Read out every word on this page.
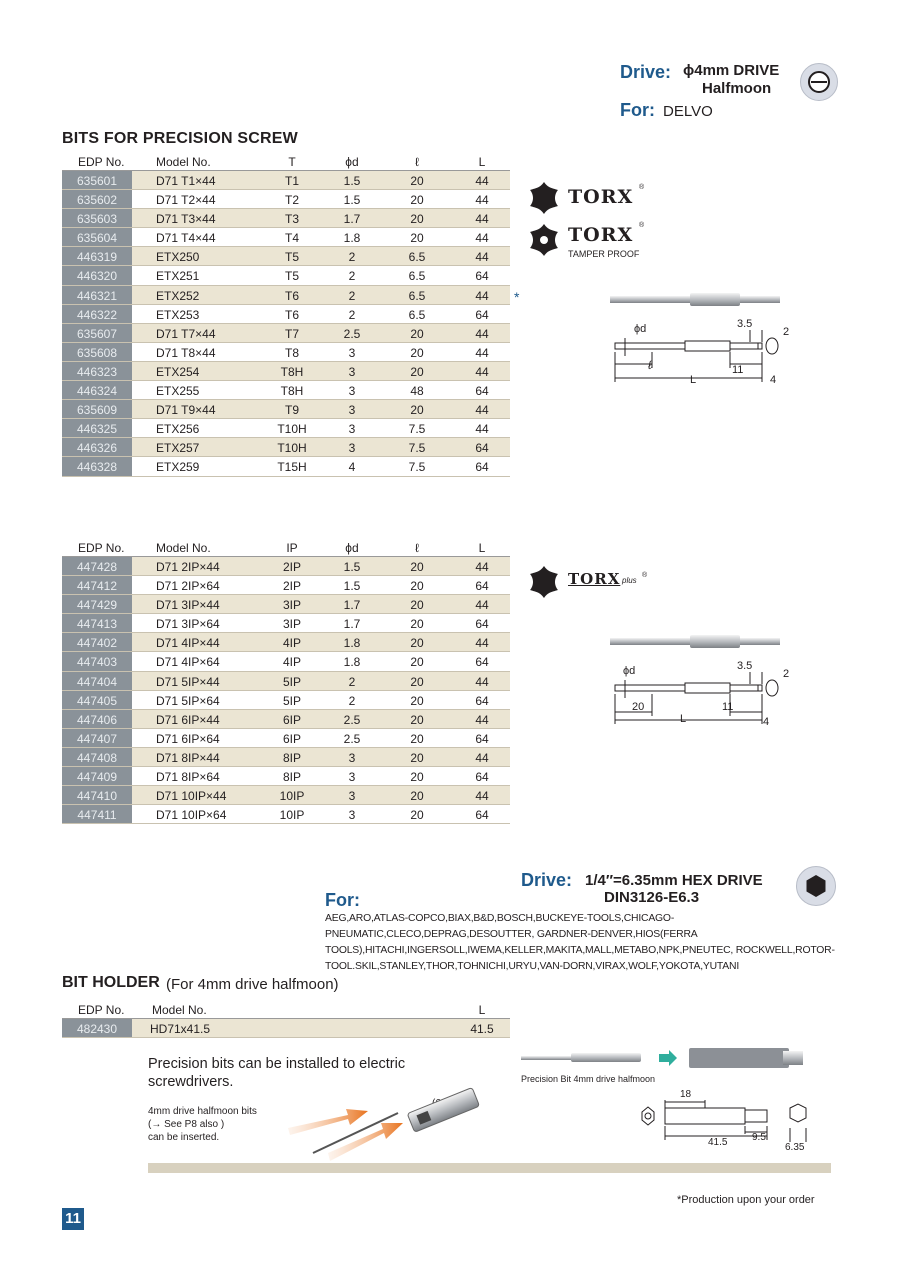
Drive: ϕ4mm DRIVE
Halfmoon
For: DELVO
BITS FOR PRECISION SCREW
EDP No.	Model No.	T	ϕd	ℓ	L
635601	D71 T1×44	T1	1.5	20	44
635602	D71 T2×44	T2	1.5	20	44
635603	D71 T3×44	T3	1.7	20	44
635604	D71 T4×44	T4	1.8	20	44
446319	ETX250	T5	2	6.5	44
446320	ETX251	T5	2	6.5	64
446321	ETX252	T6	2	6.5	44
446322	ETX253	T6	2	6.5	64
635607	D71 T7×44	T7	2.5	20	44
635608	D71 T8×44	T8	3	20	44
446323	ETX254	T8H	3	20	44
446324	ETX255	T8H	3	48	64
635609	D71 T9×44	T9	3	20	44
446325	ETX256	T10H	3	7.5	44
446326	ETX257	T10H	3	7.5	64
446328	ETX259	T15H	4	7.5	64
*
TORX ®
TORX ®
TAMPER PROOF
ϕd	3.5
2
ℓ
L
11
4
EDP No.	Model No.	IP	ϕd	ℓ	L
447428	D71 2IP×44	2IP	1.5	20	44
447412	D71 2IP×64	2IP	1.5	20	64
447429	D71 3IP×44	3IP	1.7	20	44
447413	D71 3IP×64	3IP	1.7	20	64
447402	D71 4IP×44	4IP	1.8	20	44
447403	D71 4IP×64	4IP	1.8	20	64
447404	D71 5IP×44	5IP	2	20	44
447405	D71 5IP×64	5IP	2	20	64
447406	D71 6IP×44	6IP	2.5	20	44
447407	D71 6IP×64	6IP	2.5	20	64
447408	D71 8IP×44	8IP	3	20	44
447409	D71 8IP×64	8IP	3	20	64
447410	D71 10IP×44	10IP	3	20	44
447411	D71 10IP×64	10IP	3	20	64
TORX plus
®
ϕd	3.5
2
20
L
11
4
Drive: 1/4″=6.35mm HEX DRIVE
DIN3126-E6.3
For:
AEG,ARO,ATLAS-COPCO,BIAX,B&D,BOSCH,BUCKEYE-TOOLS,CHICAGO-PNEUMATIC,CLECO,DEPRAG,DESOUTTER, GARDNER-DENVER,HIOS(FERRA TOOLS),HITACHI,INGERSOLL,IWEMA,KELLER,MAKITA,MALL,METABO,NPK,PNEUTEC, ROCKWELL,ROTOR-TOOL.SKIL,STANLEY,THOR,TOHNICHI,URYU,VAN-DORN,VIRAX,WOLF,YOKOTA,YUTANI
BIT HOLDER (For 4mm drive halfmoon)
EDP No. Model No.	L
482430	HD71x41.5	41.5
Precision bits can be installed to electric screwdrivers.
4mm drive halfmoon bits
(→ See P8 also )
can be inserted.
Precision Bit 4mm drive halfmoon
18
41.5 9.5
6.35
*Production upon your order
11
